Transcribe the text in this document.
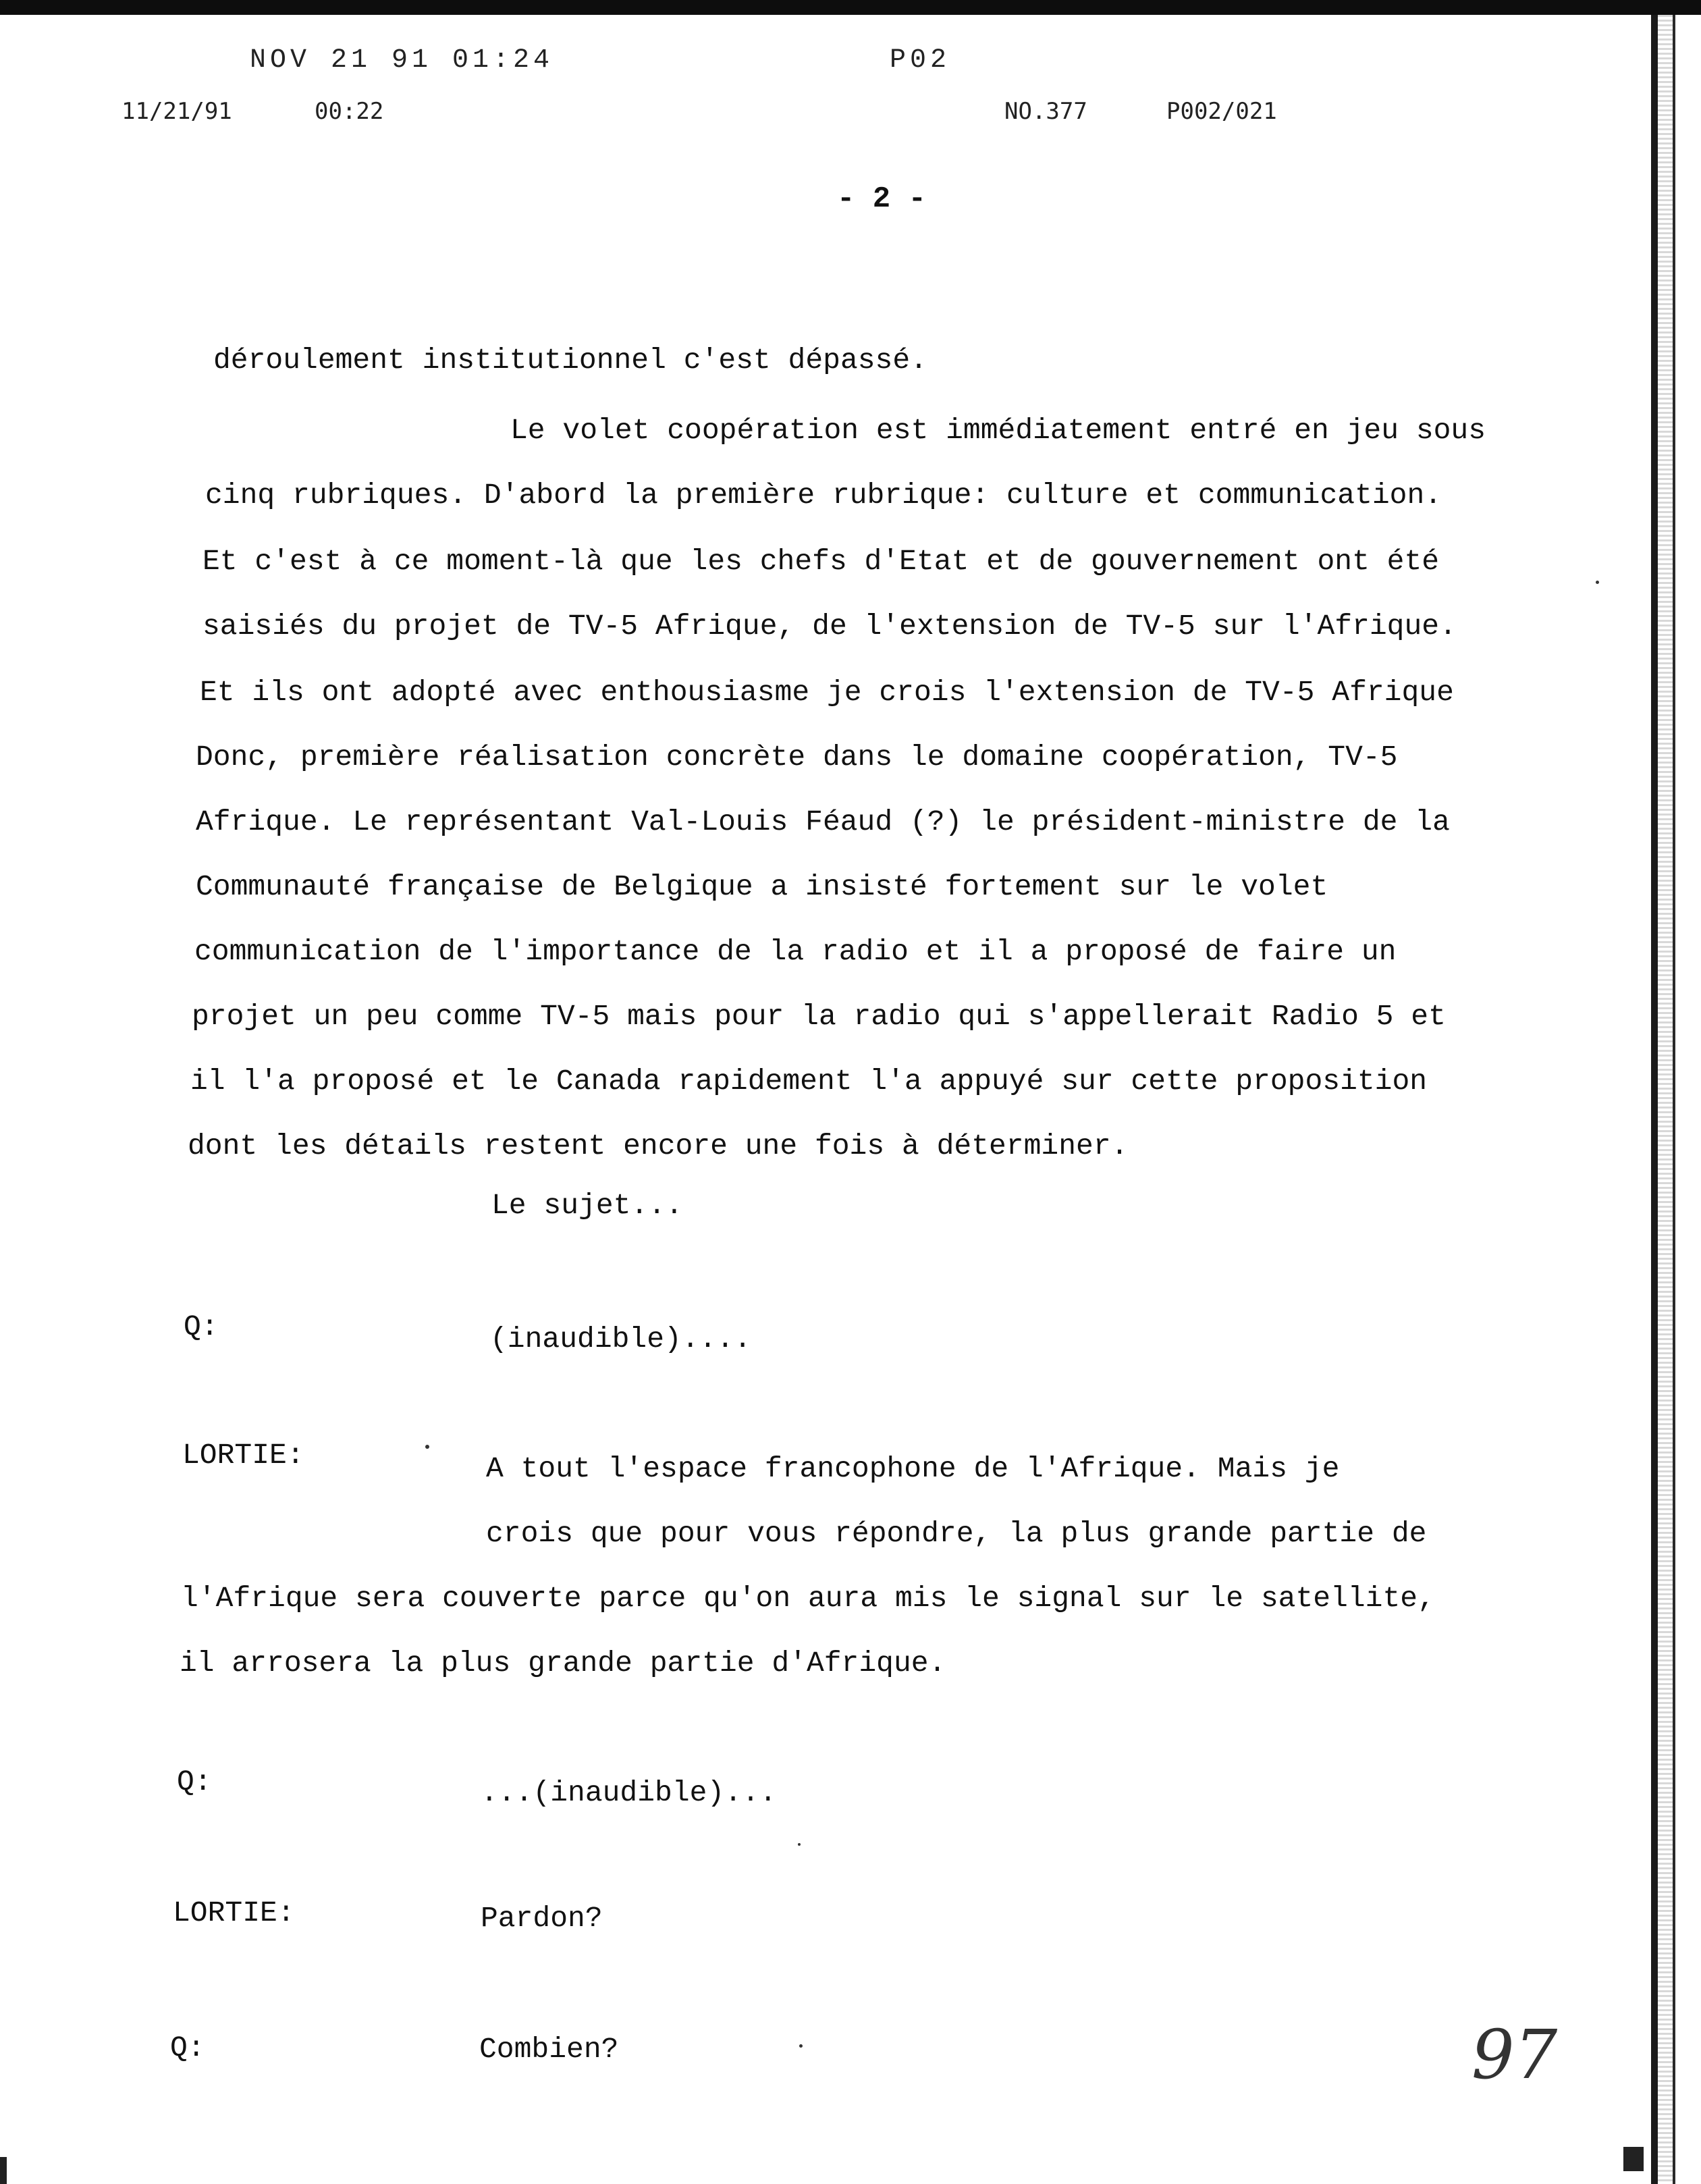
NOV 21 91 01:24	P02
11/21/91	00:22	NO.377	P002/021
- 2 -
déroulement institutionnel c'est dépassé.
Le volet coopération est immédiatement entré en jeu sous
cinq rubriques. D'abord la première rubrique: culture et communication.
Et c'est à ce moment-là que les chefs d'Etat et de gouvernement ont été
saisiés du projet de TV-5 Afrique, de l'extension de TV-5 sur l'Afrique.
Et ils ont adopté avec enthousiasme je crois l'extension de TV-5 Afrique
Donc, première réalisation concrète dans le domaine coopération, TV-5
Afrique. Le représentant Val-Louis Féaud (?) le président-ministre de la
Communauté française de Belgique a insisté fortement sur le volet
communication de l'importance de la radio et il a proposé de faire un
projet un peu comme TV-5 mais pour la radio qui s'appellerait Radio 5 et
il l'a proposé et le Canada rapidement l'a appuyé sur cette proposition
dont les détails restent encore une fois à déterminer.
Le sujet...
Q:	(inaudible)....
LORTIE:	A tout l'espace francophone de l'Afrique. Mais je
crois que pour vous répondre, la plus grande partie de
l'Afrique sera couverte parce qu'on aura mis le signal sur le satellite,
il arrosera la plus grande partie d'Afrique.
Q:	...(inaudible)...
LORTIE:	Pardon?
Q:	Combien?	97
